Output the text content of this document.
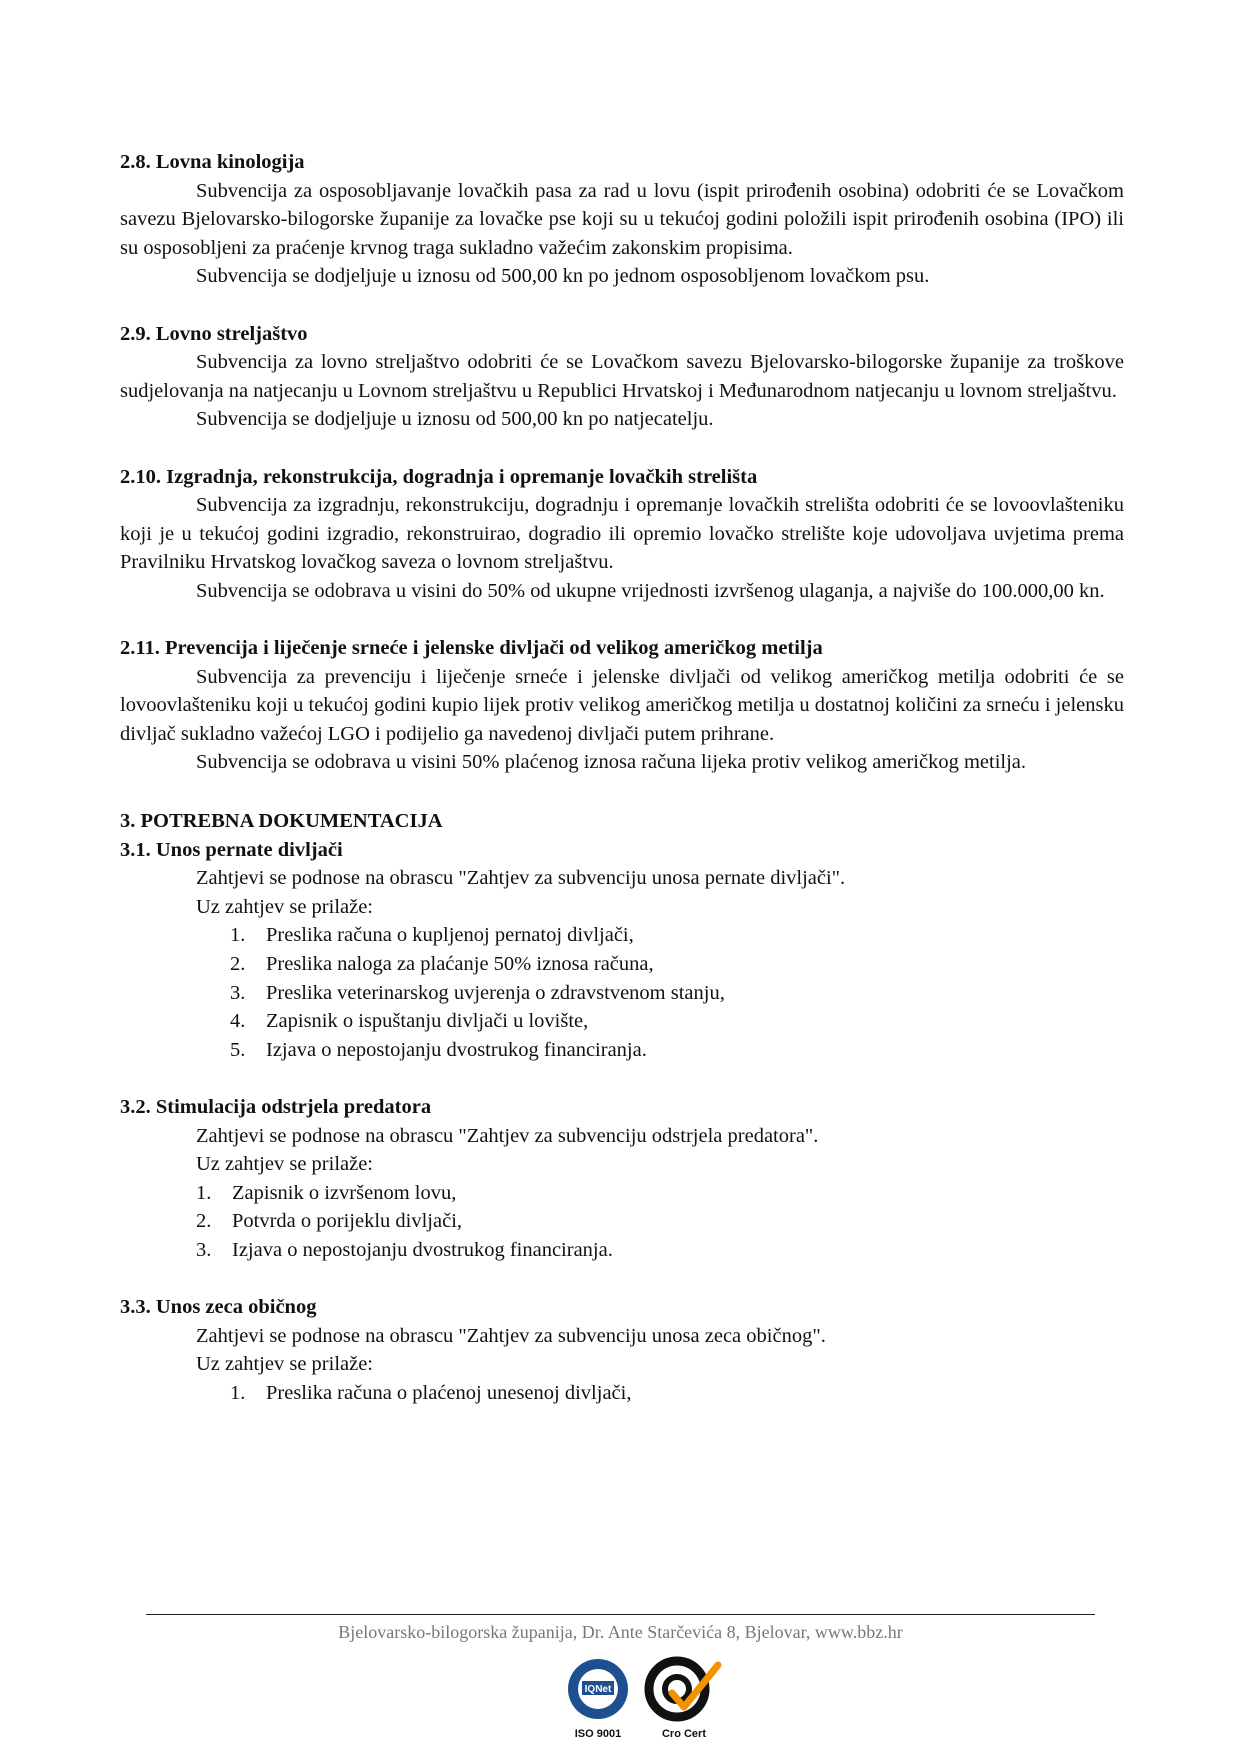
2.8. Lovna kinologija

Subvencija za osposobljavanje lovačkih pasa za rad u lovu (ispit prirođenih osobina) odobriti će se Lovačkom savezu Bjelovarsko-bilogorske županije za lovačke pse koji su u tekućoj godini položili ispit prirođenih osobina (IPO) ili su osposobljeni za praćenje krvnog traga sukladno važećim zakonskim propisima.

Subvencija se dodjeljuje u iznosu od 500,00 kn po jednom osposobljenom lovačkom psu.

2.9. Lovno streljaštvo

Subvencija za lovno streljaštvo odobriti će se Lovačkom savezu Bjelovarsko-bilogorske županije za troškove sudjelovanja na natjecanju u Lovnom streljaštvu u Republici Hrvatskoj i Međunarodnom natjecanju u lovnom streljaštvu.

Subvencija se dodjeljuje u iznosu od 500,00 kn po natjecatelju.

2.10. Izgradnja, rekonstrukcija, dogradnja i opremanje lovačkih strelišta

Subvencija za izgradnju, rekonstrukciju, dogradnju i opremanje lovačkih strelišta odobriti će se lovoovlašteniku koji je u tekućoj godini izgradio, rekonstruirao, dogradio ili opremio lovačko strelište koje udovoljava uvjetima prema Pravilniku Hrvatskog lovačkog saveza o lovnom streljaštvu.

Subvencija se odobrava u visini do 50% od ukupne vrijednosti izvršenog ulaganja, a najviše do 100.000,00 kn.

2.11. Prevencija i liječenje srneće i jelenske divljači od velikog američkog metilja

Subvencija za prevenciju i liječenje srneće i jelenske divljači od velikog američkog metilja odobriti će se lovoovlašteniku koji u tekućoj godini kupio lijek protiv velikog američkog metilja u dostatnoj količini za srneću i jelensku divljač sukladno važećoj LGO i podijelio ga navedenoj divljači putem prihrane.

Subvencija se odobrava u visini 50% plaćenog iznosa računa lijeka protiv velikog američkog metilja.

3. POTREBNA DOKUMENTACIJA

3.1. Unos pernate divljači

Zahtjevi se podnose na obrascu "Zahtjev za subvenciju unosa pernate divljači".

Uz zahtjev se prilaže:

1.	Preslika računa o kupljenoj pernatoj divljači,
2.	Preslika naloga za plaćanje 50% iznosa računa,
3.	Preslika veterinarskog uvjerenja o zdravstvenom stanju,
4.	Zapisnik o ispuštanju divljači u lovište,
5.	Izjava o nepostojanju dvostrukog financiranja.

3.2. Stimulacija odstrjela predatora

Zahtjevi se podnose na obrascu "Zahtjev za subvenciju odstrjela predatora".

Uz zahtjev se prilaže:

1.	Zapisnik o izvršenom lovu,
2.	Potvrda o porijeklu divljači,
3.	Izjava o nepostojanju dvostrukog financiranja.

3.3. Unos zeca običnog

Zahtjevi se podnose na obrascu "Zahtjev za subvenciju unosa zeca običnog".

Uz zahtjev se prilaže:

1.	Preslika računa o plaćenoj unesenoj divljači,
Bjelovarsko-bilogorska županija, Dr. Ante Starčevića 8, Bjelovar, www.bbz.hr
IQNet
ISO 9001	Cro Cert
